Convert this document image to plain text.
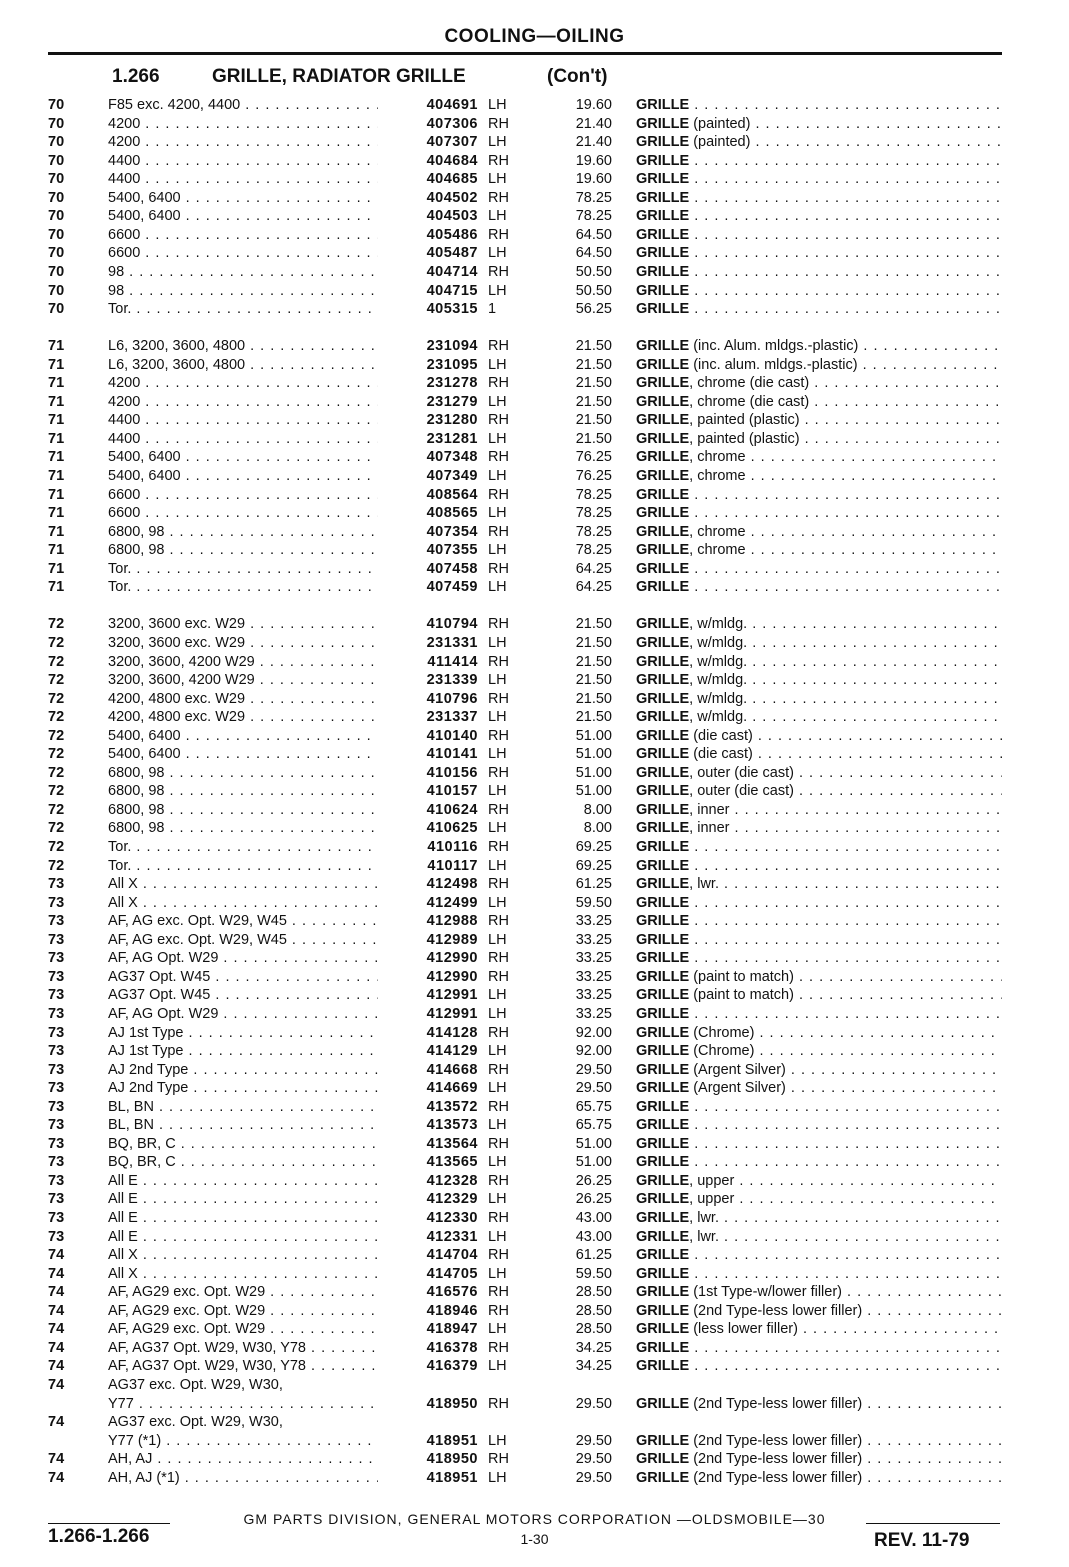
COOLING—OILING
1.266	GRILLE, RADIATOR GRILLE	(Con't)
70	F85 exc. 4200, 4400 . . .	404691 LH	19.60 GRILLE . . .
70	4200 . . .	407306 RH	21.40 GRILLE (painted) . . .
70	4200 . . .	407307 LH	21.40 GRILLE (painted) . . .
70	4400 . . .	404684 RH	19.60 GRILLE . . .
70	4400 . . .	404685 LH	19.60 GRILLE . . .
70	5400, 6400 . . .	404502 RH	78.25 GRILLE . . .
70	5400, 6400 . . .	404503 LH	78.25 GRILLE . . .
70	6600 . . .	405486 RH	64.50 GRILLE . . .
70	6600 . . .	405487 LH	64.50 GRILLE . . .
70	98 . . .	404714 RH	50.50 GRILLE . . .
70	98 . . .	404715 LH	50.50 GRILLE . . .
70	Tor. . . .	405315 1	56.25 GRILLE . . .
71	L6, 3200, 3600, 4800 . . .	231094 RH	21.50 GRILLE (inc. Alum. mldgs.-plastic) . . .
71	L6, 3200, 3600, 4800 . . .	231095 LH	21.50 GRILLE (inc. alum. mldgs.-plastic) . . .
71	4200 . . .	231278 RH	21.50 GRILLE, chrome (die cast) . . .
71	4200 . . .	231279 LH	21.50 GRILLE, chrome (die cast) . . .
71	4400 . . .	231280 RH	21.50 GRILLE, painted (plastic) . . .
71	4400 . . .	231281 LH	21.50 GRILLE, painted (plastic) . . .
71	5400, 6400 . . .	407348 RH	76.25 GRILLE, chrome . . .
71	5400, 6400 . . .	407349 LH	76.25 GRILLE, chrome . . .
71	6600 . . .	408564 RH	78.25 GRILLE . . .
71	6600 . . .	408565 LH	78.25 GRILLE . . .
71	6800, 98 . . .	407354 RH	78.25 GRILLE, chrome . . .
71	6800, 98 . . .	407355 LH	78.25 GRILLE, chrome . . .
71	Tor. . . .	407458 RH	64.25 GRILLE . . .
71	Tor. . . .	407459 LH	64.25 GRILLE . . .
72	3200, 3600 exc. W29 . . .	410794 RH	21.50 GRILLE, w/mldg. . . .
72	3200, 3600 exc. W29 . . .	231331 LH	21.50 GRILLE, w/mldg. . . .
72	3200, 3600, 4200 W29 . . .	411414 RH	21.50 GRILLE, w/mldg. . . .
72	3200, 3600, 4200 W29 . . .	231339 LH	21.50 GRILLE, w/mldg. . . .
72	4200, 4800 exc. W29 . . .	410796 RH	21.50 GRILLE, w/mldg. . . .
72	4200, 4800 exc. W29 . . .	231337 LH	21.50 GRILLE, w/mldg. . . .
72	5400, 6400 . . .	410140 RH	51.00 GRILLE (die cast) . . .
72	5400, 6400 . . .	410141 LH	51.00 GRILLE (die cast) . . .
72	6800, 98 . . .	410156 RH	51.00 GRILLE, outer (die cast) . . .
72	6800, 98 . . .	410157 LH	51.00 GRILLE, outer (die cast) . . .
72	6800, 98 . . .	410624 RH	8.00 GRILLE, inner . . .
72	6800, 98 . . .	410625 LH	8.00 GRILLE, inner . . .
72	Tor. . . .	410116 RH	69.25 GRILLE . . .
72	Tor. . . .	410117 LH	69.25 GRILLE . . .
73	All X . . .	412498 RH	61.25 GRILLE, lwr. . . .
73	All X . . .	412499 LH	59.50 GRILLE . . .
73	AF, AG exc. Opt. W29, W45 . . .	412988 RH	33.25 GRILLE . . .
73	AF, AG exc. Opt. W29, W45 . . .	412989 LH	33.25 GRILLE . . .
73	AF, AG Opt. W29 . . .	412990 RH	33.25 GRILLE . . .
73	AG37 Opt. W45 . . .	412990 RH	33.25 GRILLE (paint to match) . . .
73	AG37 Opt. W45 . . .	412991 LH	33.25 GRILLE (paint to match) . . .
73	AF, AG Opt. W29 . . .	412991 LH	33.25 GRILLE . . .
73	AJ 1st Type . . .	414128 RH	92.00 GRILLE (Chrome) . . .
73	AJ 1st Type . . .	414129 LH	92.00 GRILLE (Chrome) . . .
73	AJ 2nd Type . . .	414668 RH	29.50 GRILLE (Argent Silver) . . .
73	AJ 2nd Type . . .	414669 LH	29.50 GRILLE (Argent Silver) . . .
73	BL, BN . . .	413572 RH	65.75 GRILLE . . .
73	BL, BN . . .	413573 LH	65.75 GRILLE . . .
73	BQ, BR, C . . .	413564 RH	51.00 GRILLE . . .
73	BQ, BR, C . . .	413565 LH	51.00 GRILLE . . .
73	All E . . .	412328 RH	26.25 GRILLE, upper . . .
73	All E . . .	412329 LH	26.25 GRILLE, upper . . .
73	All E . . .	412330 RH	43.00 GRILLE, lwr. . . .
73	All E . . .	412331 LH	43.00 GRILLE, lwr. . . .
74	All X . . .	414704 RH	61.25 GRILLE . . .
74	All X . . .	414705 LH	59.50 GRILLE . . .
74	AF, AG29 exc. Opt. W29 . . .	416576 RH	28.50 GRILLE (1st Type-w/lower filler) . . .
74	AF, AG29 exc. Opt. W29 . . .	418946 RH	28.50 GRILLE (2nd Type-less lower filler) . . .
74	AF, AG29 exc. Opt. W29 . . .	418947 LH	28.50 GRILLE (less lower filler) . . .
74	AF, AG37 Opt. W29, W30, Y78 . . .	416378 RH	34.25 GRILLE . . .
74	AF, AG37 Opt. W29, W30, Y78 . . .	416379 LH	34.25 GRILLE . . .
74	AG37 exc. Opt. W29, W30,
Y77 . . .	418950 RH	29.50 GRILLE (2nd Type-less lower filler) . . .
74	AG37 exc. Opt. W29, W30,
Y77 (*1) . . .	418951 LH	29.50 GRILLE (2nd Type-less lower filler) . . .
74	AH, AJ . . .	418950 RH	29.50 GRILLE (2nd Type-less lower filler) . . .
74	AH, AJ (*1) . . .	418951 LH	29.50 GRILLE (2nd Type-less lower filler) . . .
GM PARTS DIVISION, GENERAL MOTORS CORPORATION —OLDSMOBILE—30
1-30
1.266-1.266	REV. 11-79
